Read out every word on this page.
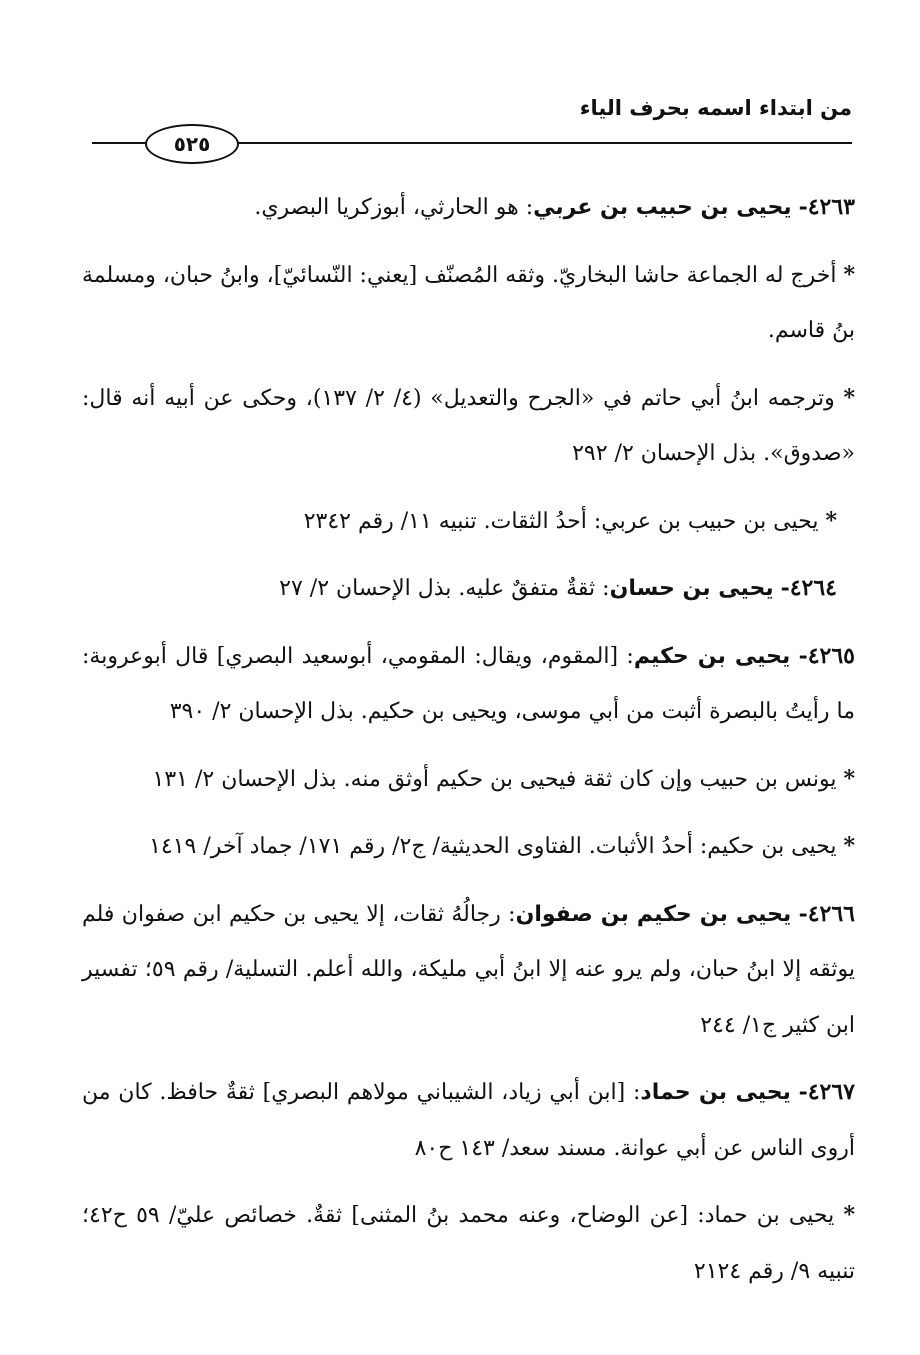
من ابتداء اسمه بحرف الياء
٥٢٥

٤٢٦٣- يحيى بن حبيب بن عربي: هو الحارثي، أبوزكريا البصري.

* أخرج له الجماعة حاشا البخاريّ. وثقه المُصنّف [يعني: النّسائيّ]، وابنُ حبان، ومسلمة بنُ قاسم.

* وترجمه ابنُ أبي حاتم في «الجرح والتعديل» (٤/ ٢/ ١٣٧)، وحكى عن أبيه أنه قال: «صدوق». بذل الإحسان ٢/ ٢٩٢

* يحيى بن حبيب بن عربي: أحدُ الثقات. تنبيه ١١/ رقم ٢٣٤٢

٤٢٦٤- يحيى بن حسان: ثقةٌ متفقٌ عليه. بذل الإحسان ٢/ ٢٧

٤٢٦٥- يحيى بن حكيم: [المقوم، ويقال: المقومي، أبوسعيد البصري] قال أبوعروبة: ما رأيتُ بالبصرة أثبت من أبي موسى، ويحيى بن حكيم. بذل الإحسان ٢/ ٣٩٠

* يونس بن حبيب وإن كان ثقة فيحيى بن حكيم أوثق منه. بذل الإحسان ٢/ ١٣١

* يحيى بن حكيم: أحدُ الأثبات. الفتاوى الحديثية/ ج٢/ رقم ١٧١/ جماد آخر/ ١٤١٩

٤٢٦٦- يحيى بن حكيم بن صفوان: رجالُهُ ثقات، إلا يحيى بن حكيم ابن صفوان فلم يوثقه إلا ابنُ حبان، ولم يرو عنه إلا ابنُ أبي مليكة، والله أعلم. التسلية/ رقم ٥٩؛ تفسير ابن كثير ج١/ ٢٤٤

٤٢٦٧- يحيى بن حماد: [ابن أبي زياد، الشيباني مولاهم البصري] ثقةٌ حافظ. كان من أروى الناس عن أبي عوانة. مسند سعد/ ١٤٣ ح٨٠

* يحيى بن حماد: [عن الوضاح، وعنه محمد بنُ المثنى] ثقةٌ. خصائص عليّ/ ٥٩ ح٤٢؛ تنبيه ٩/ رقم ٢١٢٤
